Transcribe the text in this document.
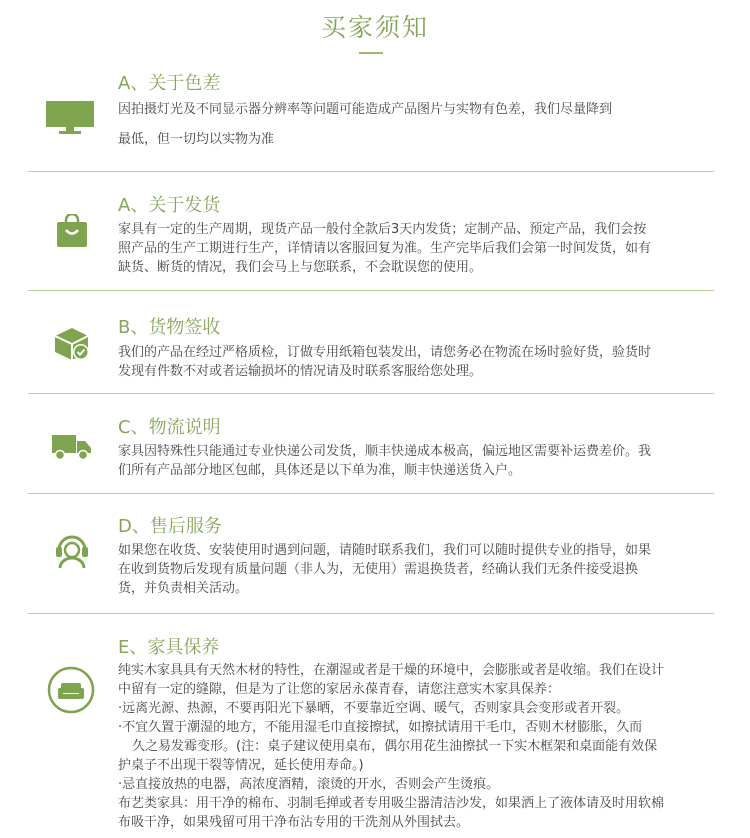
买家须知
A、关于色差

因拍摄灯光及不同显示器分辨率等问题可能造成产品图片与实物有色差，我们尽量降到

最低，但一切均以实物为准

A、关于发货

家具有一定的生产周期，现货产品一般付全款后3天内发货；定制产品、预定产品，我们会按

照产品的生产工期进行生产，详情请以客服回复为准。生产完毕后我们会第一时间发货，如有

缺货、断货的情况，我们会马上与您联系，不会耽误您的使用。

B、货物签收

我们的产品在经过严格质检，订做专用纸箱包装发出，请您务必在物流在场时验好货，验货时

发现有件数不对或者运输损坏的情况请及时联系客服给您处理。

C、物流说明

家具因特殊性只能通过专业快递公司发货，顺丰快递成本极高，偏远地区需要补运费差价。我

们所有产品部分地区包邮，具体还是以下单为准，顺丰快递送货入户。

D、售后服务

如果您在收货、安装使用时遇到问题，请随时联系我们，我们可以随时提供专业的指导，如果

在收到货物后发现有质量问题（非人为，无使用）需退换货者，经确认我们无条件接受退换

货，并负责相关活动。

E、家具保养

纯实木家具具有天然木材的特性，在潮湿或者是干燥的环境中，会膨胀或者是收缩。我们在设计

中留有一定的缝隙，但是为了让您的家居永葆青春，请您注意实木家具保养：

·远离光源、热源，不要再阳光下暴晒，不要靠近空调、暖气，否则家具会变形或者开裂。

·不宜久置于潮湿的地方，不能用湿毛巾直接擦拭，如擦拭请用干毛巾，否则木材膨胀，久而

久之易发霉变形。(注：桌子建议使用桌布，偶尔用花生油擦拭一下实木框架和桌面能有效保

护桌子不出现干裂等情况，延长使用寿命。)

·忌直接放热的电器，高浓度酒精，滚烫的开水，否则会产生烫痕。

布艺类家具：用干净的棉布、羽制毛掸或者专用吸尘器清洁沙发，如果洒上了液体请及时用软棉

布吸干净，如果残留可用干净布沾专用的干洗剂从外围拭去。
